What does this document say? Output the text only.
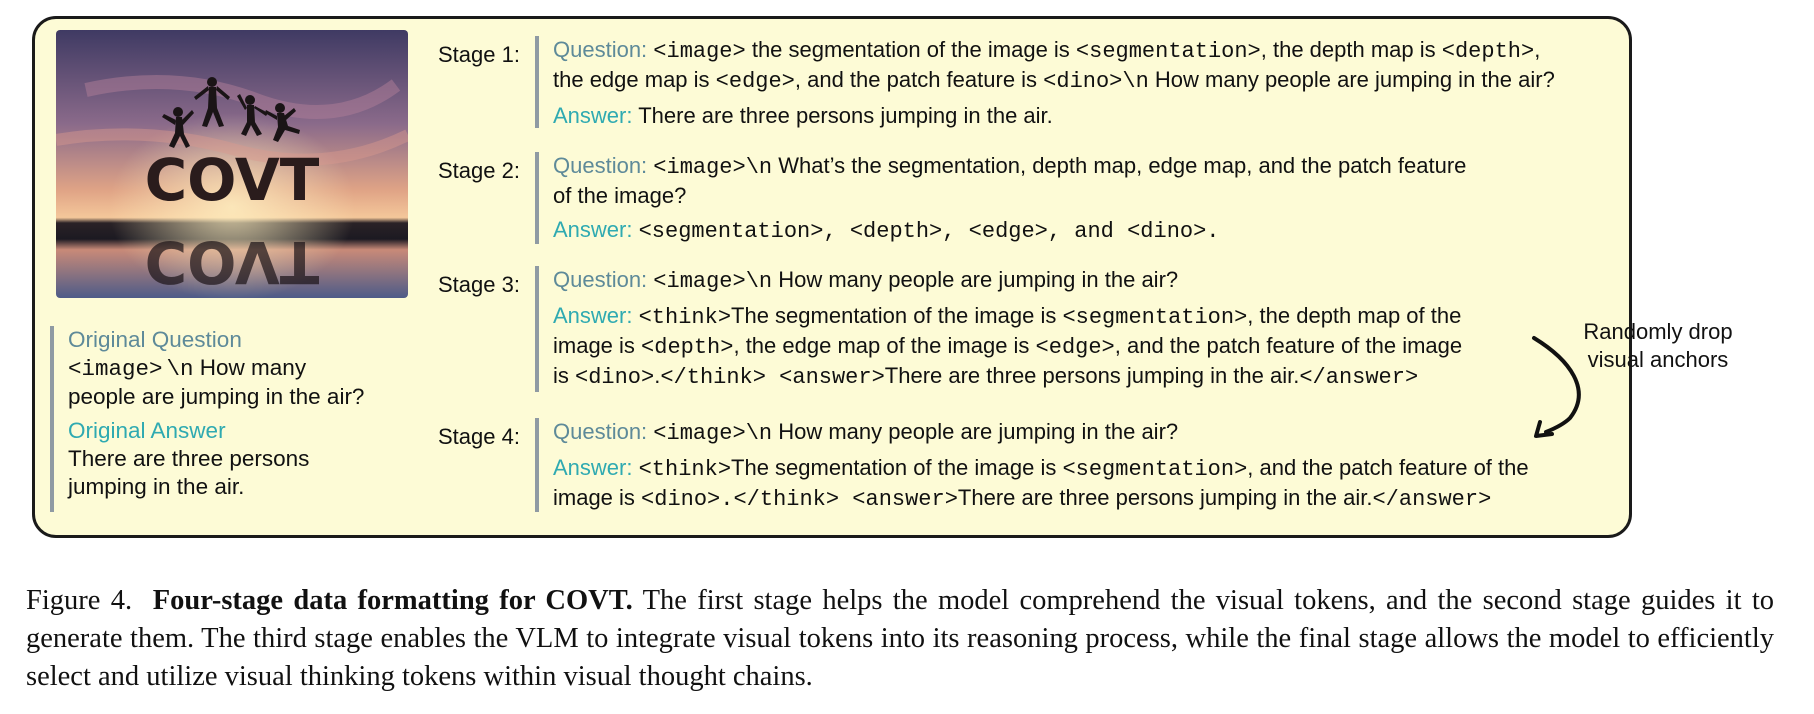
COVT
COVT
Original Question
<image> \n How many
people are jumping in the air?
Original Answer
There are three persons
jumping in the air.
Stage 1: Question: <image> the segmentation of the image is <segmentation>, the depth map is <depth>,
the edge map is <edge>, and the patch feature is <dino>\n How many people are jumping in the air?
Answer: There are three persons jumping in the air.
Stage 2: Question: <image>\n What’s the segmentation, depth map, edge map, and the patch feature
of the image?
Answer: <segmentation>, <depth>, <edge>, and <dino>.
Stage 3: Question: <image>\n How many people are jumping in the air?
Answer: <think>The segmentation of the image is <segmentation>, the depth map of the
image is <depth>, the edge map of the image is <edge>, and the patch feature of the image
is <dino>.</think> <answer>There are three persons jumping in the air.</answer>
Stage 4: Question: <image>\n How many people are jumping in the air?
Answer: <think>The segmentation of the image is <segmentation>, and the patch feature of the
image is <dino>.</think> <answer>There are three persons jumping in the air.</answer>
Randomly drop
visual anchors
Figure 4. Four-stage data formatting for COVT. The first stage helps the model comprehend the visual tokens, and the second stage guides it to generate them. The third stage enables the VLM to integrate visual tokens into its reasoning process, while the final stage allows the model to efficiently select and utilize visual thinking tokens within visual thought chains.
